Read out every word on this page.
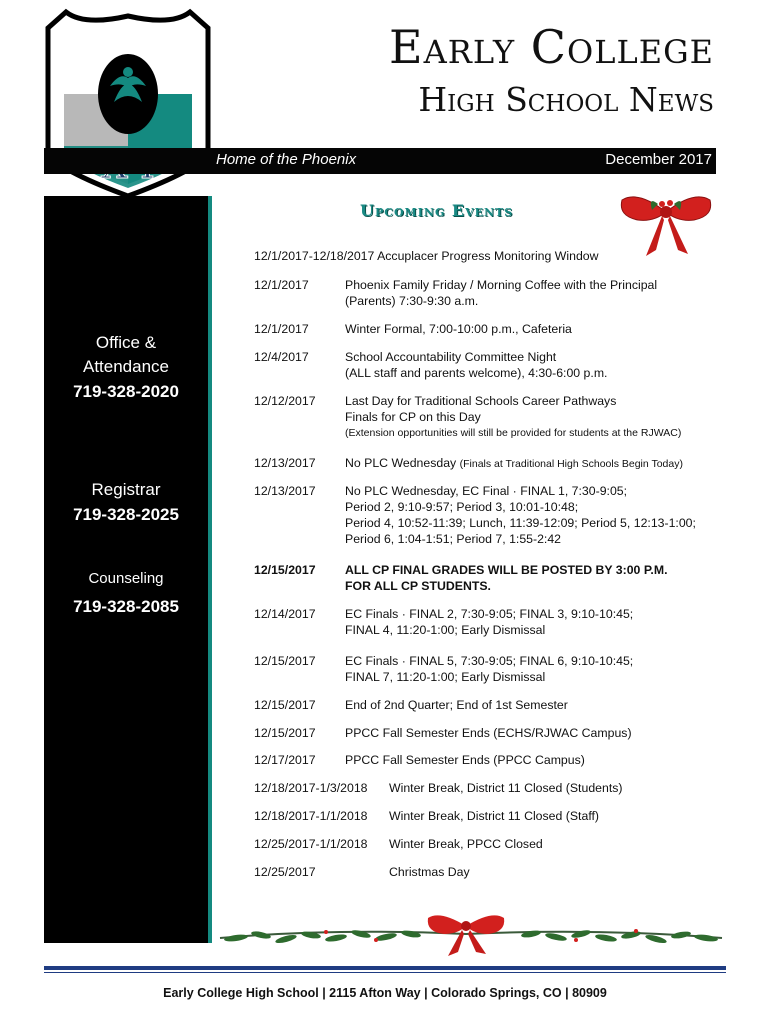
Early College
High School News
Home of the Phoenix	December 2017
Office &
Attendance
719-328-2020
Registrar
719-328-2025
Counseling
719-328-2085
Upcoming Events
12/1/2017-12/18/2017 Accuplacer Progress Monitoring Window
12/1/2017	Phoenix Family Friday / Morning Coffee with the Principal
(Parents) 7:30-9:30 a.m.
12/1/2017	Winter Formal, 7:00-10:00 p.m., Cafeteria
12/4/2017	School Accountability Committee Night
(ALL staff and parents welcome), 4:30-6:00 p.m.
12/12/2017 Last Day for Traditional Schools Career Pathways
Finals for CP on this Day
(Extension opportunities will still be provided for students at the RJWAC)
12/13/2017 No PLC Wednesday (Finals at Traditional High Schools Begin Today)
12/13/2017 No PLC Wednesday, EC Final · FINAL 1, 7:30-9:05;
Period 2, 9:10-9:57; Period 3, 10:01-10:48;
Period 4, 10:52-11:39; Lunch, 11:39-12:09; Period 5, 12:13-1:00;
Period 6, 1:04-1:51; Period 7, 1:55-2:42
12/15/2017 ALL CP FINAL GRADES WILL BE POSTED BY 3:00 P.M.
FOR ALL CP STUDENTS.
12/14/2017 EC Finals · FINAL 2, 7:30-9:05; FINAL 3, 9:10-10:45;
FINAL 4, 11:20-1:00; Early Dismissal
12/15/2017 EC Finals · FINAL 5, 7:30-9:05; FINAL 6, 9:10-10:45;
FINAL 7, 11:20-1:00; Early Dismissal
12/15/2017 End of 2nd Quarter; End of 1st Semester
12/15/2017 PPCC Fall Semester Ends (ECHS/RJWAC Campus)
12/17/2017 PPCC Fall Semester Ends (PPCC Campus)
12/18/2017-1/3/2018 Winter Break, District 11 Closed (Students)
12/18/2017-1/1/2018 Winter Break, District 11 Closed (Staff)
12/25/2017-1/1/2018 Winter Break, PPCC Closed
12/25/2017	Christmas Day
Early College High School | 2115 Afton Way | Colorado Springs, CO | 80909
